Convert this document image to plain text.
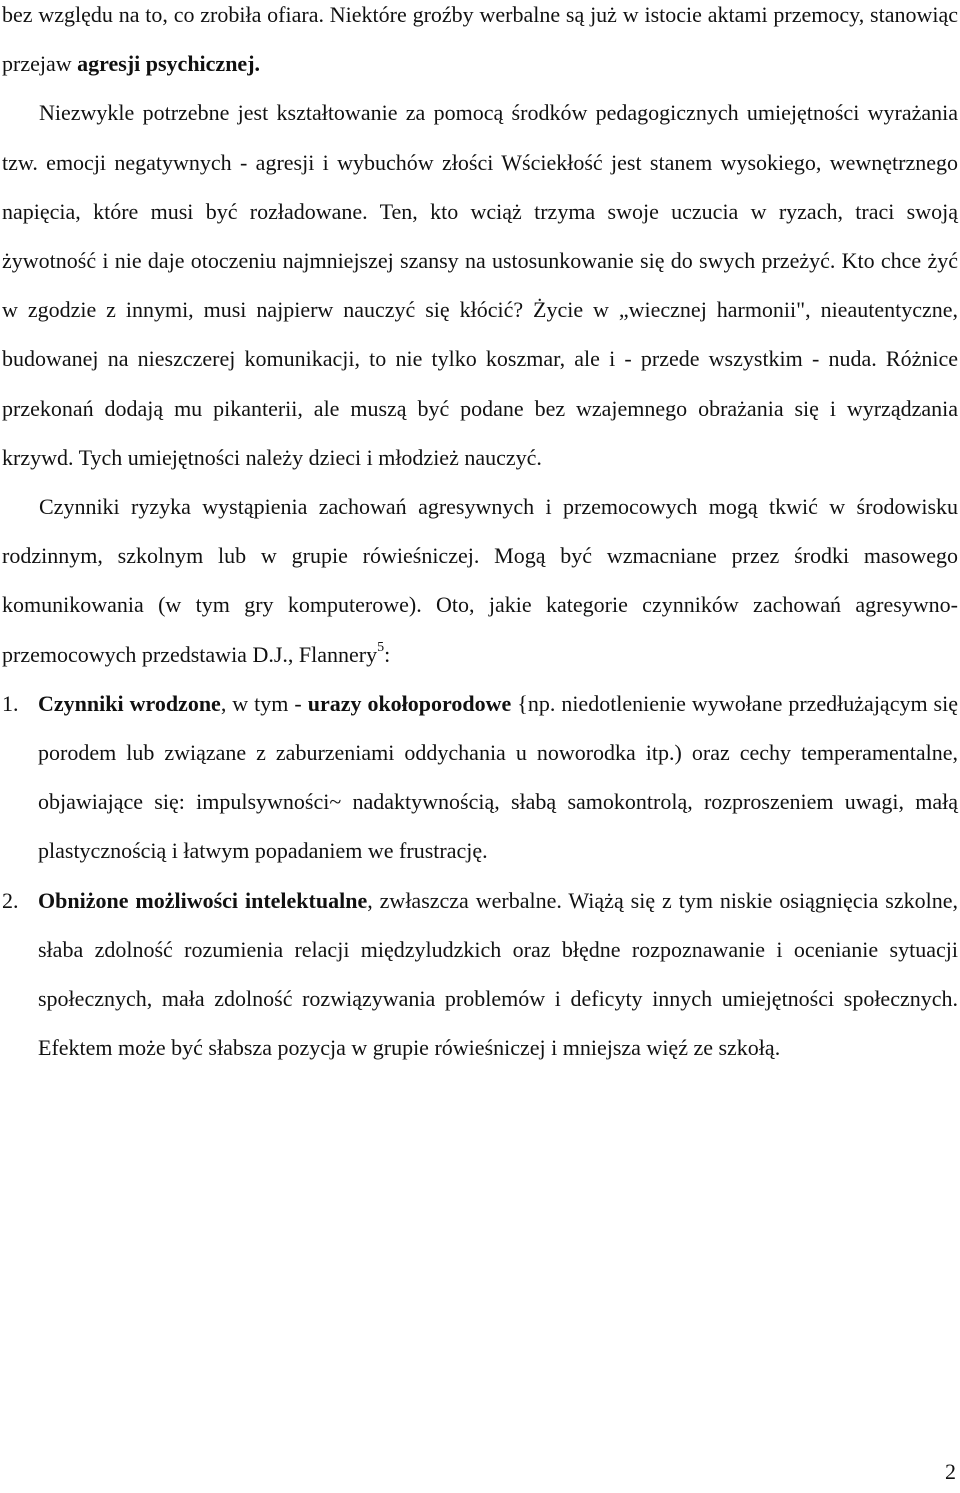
bez względu na to, co zrobiła ofiara. Niektóre groźby werbalne są już w istocie aktami przemocy, stanowiąc przejaw agresji psychicznej.

Niezwykle potrzebne jest kształtowanie za pomocą środków pedagogicznych umiejętności wyrażania tzw. emocji negatywnych - agresji i wybuchów złości Wściekłość jest stanem wysokiego, wewnętrznego napięcia, które musi być rozładowane. Ten, kto wciąż trzyma swoje uczucia w ryzach, traci swoją żywotność i nie daje otoczeniu najmniejszej szansy na ustosunkowanie się do swych przeżyć. Kto chce żyć w zgodzie z innymi, musi najpierw nauczyć się kłócić? Życie w „wiecznej harmonii", nieautentyczne, budowanej na nieszczerej komunikacji, to nie tylko koszmar, ale i - przede wszystkim - nuda. Różnice przekonań dodają mu pikanterii, ale muszą być podane bez wzajemnego obrażania się i wyrządzania krzywd. Tych umiejętności należy dzieci i młodzież nauczyć.

Czynniki ryzyka wystąpienia zachowań agresywnych i przemocowych mogą tkwić w środowisku rodzinnym, szkolnym lub w grupie rówieśniczej. Mogą być wzmacniane przez środki masowego komunikowania (w tym gry komputerowe). Oto, jakie kategorie czynników zachowań agresywno-przemocowych przedstawia D.J., Flannery$^5$:

1. Czynniki wrodzone, w tym - urazy okołoporodowe {np. niedotlenienie wywołane przedłużającym się porodem lub związane z zaburzeniami oddychania u noworodka itp.) oraz cechy temperamentalne, objawiające się: impulsywności~ nadaktywnością, słabą samokontrolą, rozproszeniem uwagi, małą plastycznością i łatwym popadaniem we frustrację.

2. Obniżone możliwości intelektualne, zwłaszcza werbalne. Wiążą się z tym niskie osiągnięcia szkolne, słaba zdolność rozumienia relacji międzyludzkich oraz błędne rozpoznawanie i ocenianie sytuacji społecznych, mała zdolność rozwiązywania problemów i deficyty innych umiejętności społecznych. Efektem może być słabsza pozycja w grupie rówieśniczej i mniejsza więź ze szkołą.

2
